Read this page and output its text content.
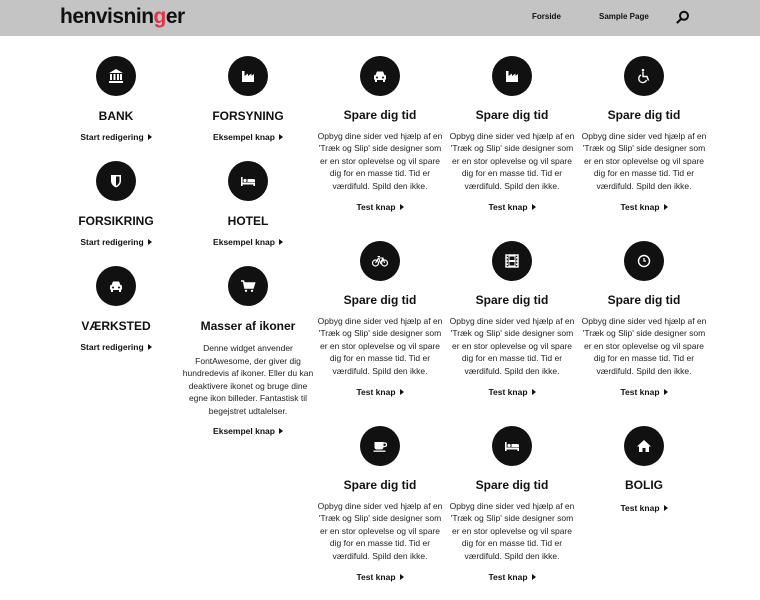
henvisninger	Forside	Sample Page
BANK
Start redigering
FORSIKRING
Start redigering
VÆRKSTED
Start redigering
FORSYNING
Eksempel knap
HOTEL
Eksempel knap
Masser af ikoner
Denne widget anvender FontAwesome, der giver dig hundredevis af ikoner. Eller du kan deaktivere ikonet og bruge dine egne ikon billeder. Fantastisk til begejstret udtalelser.
Eksempel knap
Spare dig tid
Opbyg dine sider ved hjælp af en 'Træk og Slip' side designer som er en stor oplevelse og vil spare dig for en masse tid. Tid er værdifuld. Spild den ikke.
Test knap
Spare dig tid
Opbyg dine sider ved hjælp af en 'Træk og Slip' side designer som er en stor oplevelse og vil spare dig for en masse tid. Tid er værdifuld. Spild den ikke.
Test knap
Spare dig tid
Opbyg dine sider ved hjælp af en 'Træk og Slip' side designer som er en stor oplevelse og vil spare dig for en masse tid. Tid er værdifuld. Spild den ikke.
Test knap
Spare dig tid
Opbyg dine sider ved hjælp af en 'Træk og Slip' side designer som er en stor oplevelse og vil spare dig for en masse tid. Tid er værdifuld. Spild den ikke.
Test knap
Spare dig tid
Opbyg dine sider ved hjælp af en 'Træk og Slip' side designer som er en stor oplevelse og vil spare dig for en masse tid. Tid er værdifuld. Spild den ikke.
Test knap
Spare dig tid
Opbyg dine sider ved hjælp af en 'Træk og Slip' side designer som er en stor oplevelse og vil spare dig for en masse tid. Tid er værdifuld. Spild den ikke.
Test knap
Spare dig tid
Opbyg dine sider ved hjælp af en 'Træk og Slip' side designer som er en stor oplevelse og vil spare dig for en masse tid. Tid er værdifuld. Spild den ikke.
Test knap
Spare dig tid
Opbyg dine sider ved hjælp af en 'Træk og Slip' side designer som er en stor oplevelse og vil spare dig for en masse tid. Tid er værdifuld. Spild den ikke.
Test knap
BOLIG
Test knap
